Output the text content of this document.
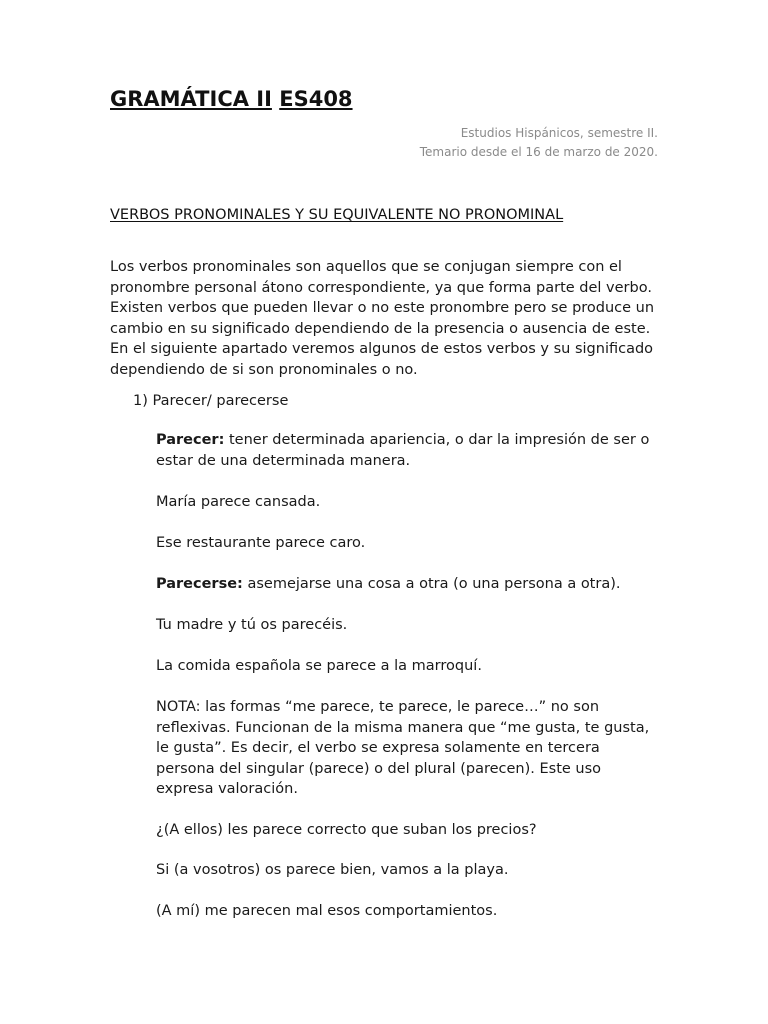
GRAMÁTICA II ES408
Estudios Hispánicos, semestre II.
Temario desde el 16 de marzo de 2020.
VERBOS PRONOMINALES Y SU EQUIVALENTE NO PRONOMINAL

Los verbos pronominales son aquellos que se conjugan siempre con el pronombre personal átono correspondiente, ya que forma parte del verbo. Existen verbos que pueden llevar o no este pronombre pero se produce un cambio en su significado dependiendo de la presencia o ausencia de este. En el siguiente apartado veremos algunos de estos verbos y su significado dependiendo de si son pronominales o no.

1) Parecer/ parecerse

Parecer: tener determinada apariencia, o dar la impresión de ser o estar de una determinada manera.

María parece cansada.

Ese restaurante parece caro.

Parecerse: asemejarse una cosa a otra (o una persona a otra).

Tu madre y tú os parecéis.

La comida española se parece a la marroquí.

NOTA: las formas “me parece, te parece, le parece…” no son reflexivas. Funcionan de la misma manera que “me gusta, te gusta, le gusta”. Es decir, el verbo se expresa solamente en tercera persona del singular (parece) o del plural (parecen). Este uso expresa valoración.

¿(A ellos) les parece correcto que suban los precios?

Si (a vosotros) os parece bien, vamos a la playa.

(A mí) me parecen mal esos comportamientos.
